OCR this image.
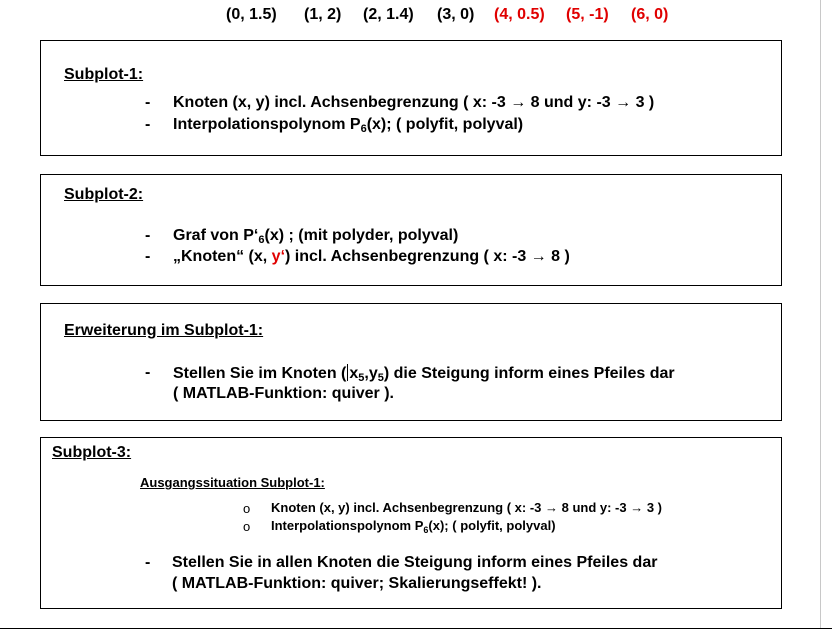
(0, 1.5) (1, 2) (2, 1.4) (3, 0) (4, 0.5) (5, -1) (6, 0)
Subplot-1:
- Knoten (x, y) incl. Achsenbegrenzung ( x: -3 → 8 und y: -3 → 3 )
- Interpolationspolynom $P_6(x)$; ( polyfit, polyval)
Subplot-2:
- Graf von $P‘_6(x)$ ; (mit polyder, polyval)
- „Knoten“ (x, y‘) incl. Achsenbegrenzung ( x: -3 → 8 )
Erweiterung im Subplot-1:
- Stellen Sie im Knoten ( $x_5,y_5$) die Steigung inform eines Pfeiles dar
( MATLAB-Funktion: quiver ).
Subplot-3:
Ausgangssituation Subplot-1:
o Knoten (x, y) incl. Achsenbegrenzung ( x: -3 → 8 und y: -3 → 3 )
o Interpolationspolynom $P_6(x)$; ( polyfit, polyval)
- Stellen Sie in allen Knoten die Steigung inform eines Pfeiles dar
( MATLAB-Funktion: quiver; Skalierungseffekt! ).
